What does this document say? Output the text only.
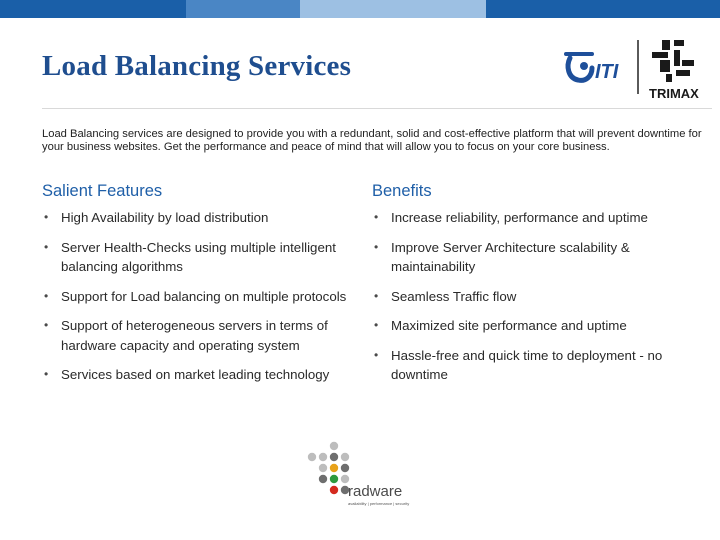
Load Balancing Services	ITI
TRIMAX

Load Balancing services are designed to provide you with a redundant, solid and cost-effective platform that will prevent downtime for your business websites. Get the performance and peace of mind that will allow you to focus on your core business.

Salient Features	Benefits
• High Availability by load distribution
• Server Health-Checks using multiple intelligent balancing algorithms
• Support for Load balancing on multiple protocols
• Support of heterogeneous servers in terms of hardware capacity and operating system
• Services based on market leading technology
• Increase reliability, performance and uptime
• Improve Server Architecture scalability & maintainability
• Seamless Traffic flow
• Maximized site performance and uptime
• Hassle-free and quick time to deployment - no downtime
radware
availability | performance | security
